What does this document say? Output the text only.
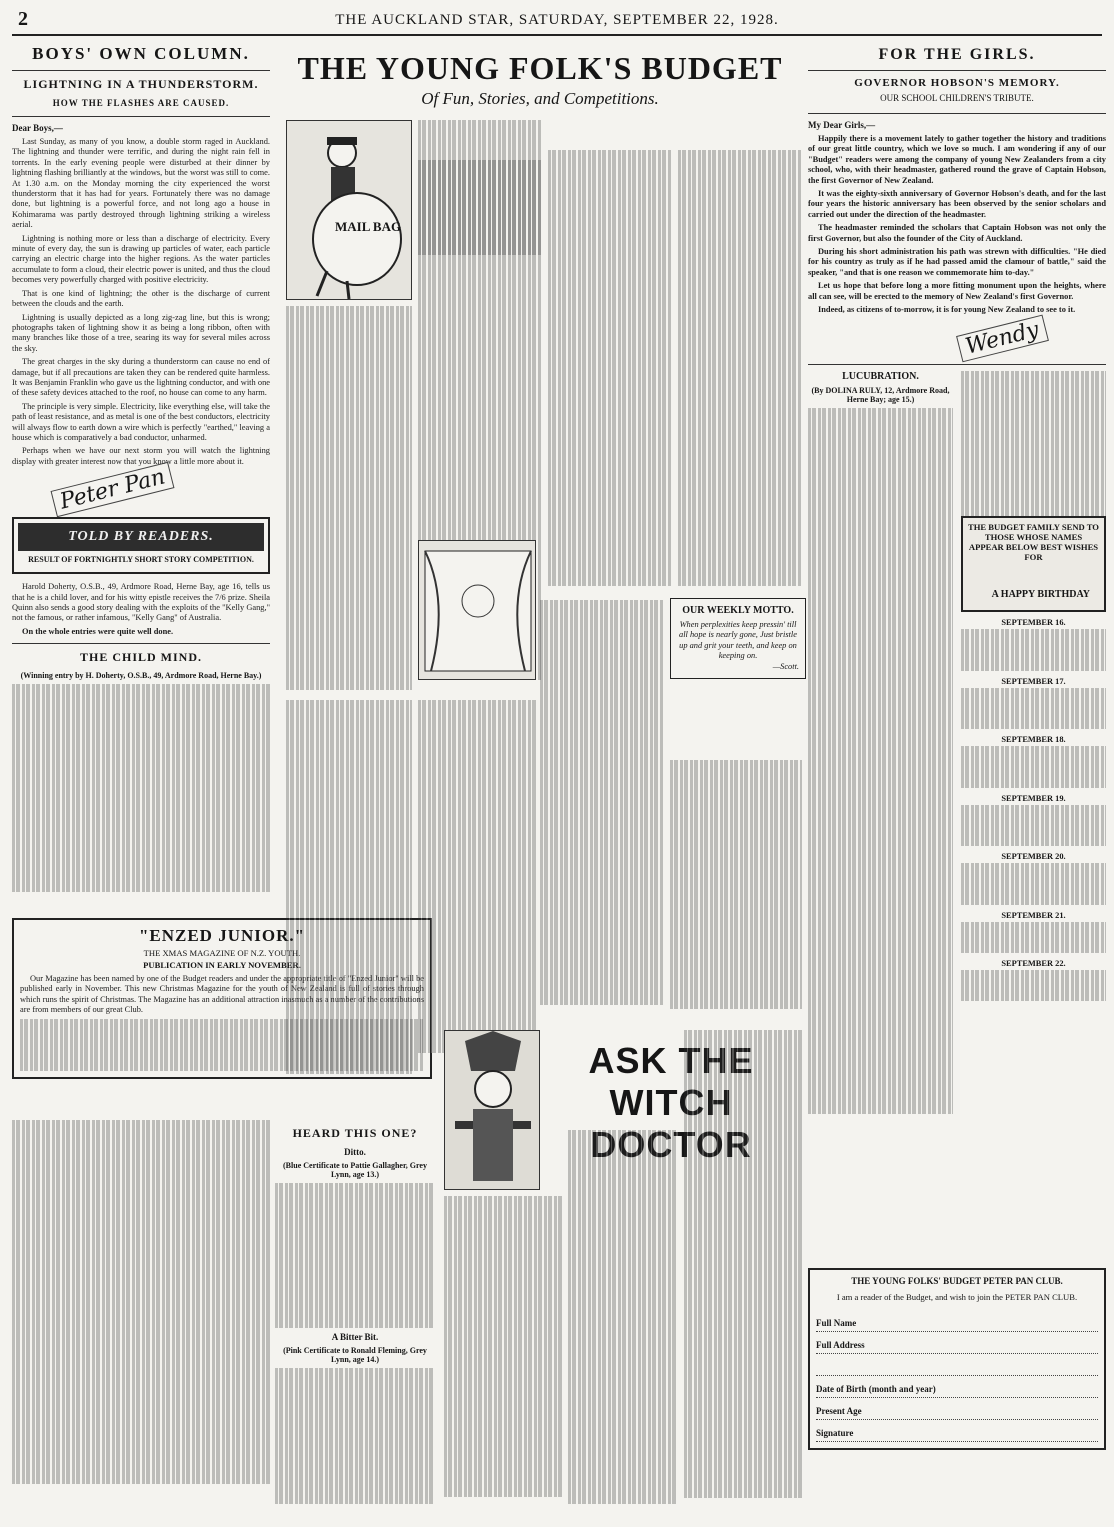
2	THE AUCKLAND STAR, SATURDAY, SEPTEMBER 22, 1928.
BOYS' OWN COLUMN.
LIGHTNING IN A THUNDERSTORM.
HOW THE FLASHES ARE CAUSED.
Dear Boys,—

Last Sunday, as many of you know, a double storm raged in Auckland. The lightning and thunder were terrific, and during the night rain fell in torrents. In the early evening people were disturbed at their dinner by lightning flashing brilliantly at the windows, but the worst was still to come. At 1.30 a.m. on the Monday morning the city experienced the worst thunderstorm that it has had for years. Fortunately there was no damage done, but lightning is a powerful force, and not long ago a house in Kohimarama was partly destroyed through lightning striking a wireless aerial.

Lightning is nothing more or less than a discharge of electricity. Every minute of every day, the sun is drawing up particles of water, each particle carrying an electric charge into the higher regions. As the water particles accumulate to form a cloud, their electric power is united, and thus the cloud becomes very powerfully charged with positive electricity.

That is one kind of lightning; the other is the discharge of current between the clouds and the earth.

Lightning is usually depicted as a long zig-zag line, but this is wrong; photographs taken of lightning show it as being a long ribbon, often with many branches like those of a tree, searing its way for several miles across the sky.

The great charges in the sky during a thunderstorm can cause no end of damage, but if all precautions are taken they can be rendered quite harmless. It was Benjamin Franklin who gave us the lightning conductor, and with one of these safety devices attached to the roof, no house can come to any harm.

The principle is very simple. Electricity, like everything else, will take the path of least resistance, and as metal is one of the best conductors, electricity will always flow to earth down a wire which is perfectly "earthed," leaving a house which is comparatively a bad conductor, unharmed.

Perhaps when we have our next storm you will watch the lightning display with greater interest now that you know a little more about it.

Peter Pan
TOLD BY READERS.
RESULT OF FORTNIGHTLY SHORT STORY COMPETITION.

Harold Doherty, O.S.B., 49, Ardmore Road, Herne Bay, age 16, tells us that he is a child lover, and for his witty epistle receives the 7/6 prize. Sheila Quinn also sends a good story dealing with the exploits of the "Kelly Gang," not the famous, or rather infamous, "Kelly Gang" of Australia.

On the whole entries were quite well done.

THE CHILD MIND.
(Winning entry by H. Doherty, O.S.B., 49, Ardmore Road, Herne Bay.)
"ENZED JUNIOR."
THE XMAS MAGAZINE OF N.Z. YOUTH.
PUBLICATION IN EARLY NOVEMBER.

Our Magazine has been named by one of the Budget readers and under the appropriate title of "Enzed Junior" will be published early in November. This new Christmas Magazine for the youth of New Zealand is full of stories through which runs the spirit of Christmas. The Magazine has an additional attraction inasmuch as a number of the contributions are from members of our great Club.

HEARD THIS ONE?
Ditto.
(Blue Certificate to Pattie Gallagher, Grey Lynn, age 13.)
A Bitter Bit.
(Pink Certificate to Ronald Fleming, Grey Lynn, age 14.)
THE YOUNG FOLK'S BUDGET
Of Fun, Stories, and Competitions.
MAIL BAG
OUR WEEKLY MOTTO.
When perplexities keep pressin' till all hope is nearly gone, Just bristle up and grit your teeth, and keep on keeping on.
—Scott.
ASK THE WITCH DOCTOR
FOR THE GIRLS.
GOVERNOR HOBSON'S MEMORY.
OUR SCHOOL CHILDREN'S TRIBUTE.
My Dear Girls,—

Happily there is a movement lately to gather together the history and traditions of our great little country, which we love so much. I am wondering if any of our "Budget" readers were among the company of young New Zealanders from a city school, who, with their headmaster, gathered round the grave of Captain Hobson, the first Governor of New Zealand.

It was the eighty-sixth anniversary of Governor Hobson's death, and for the last four years the historic anniversary has been observed by the senior scholars and carried out under the direction of the headmaster.

The headmaster reminded the scholars that Captain Hobson was not only the first Governor, but also the founder of the City of Auckland.

During his short administration his path was strewn with difficulties. "He died for his country as truly as if he had passed amid the clamour of battle," said the speaker, "and that is one reason we commemorate him to-day."

Let us hope that before long a more fitting monument upon the heights, where all can see, will be erected to the memory of New Zealand's first Governor.

Indeed, as citizens of to-morrow, it is for young New Zealand to see to it.

Wendy
LUCUBRATION.
(By DOLINA RULY, 12, Ardmore Road, Herne Bay; age 15.)
THE BUDGET FAMILY SEND TO THOSE WHOSE NAMES APPEAR BELOW BEST WISHES FOR
A HAPPY BIRTHDAY
SEPTEMBER 16.
SEPTEMBER 17.
SEPTEMBER 18.
SEPTEMBER 19.
SEPTEMBER 20.
SEPTEMBER 21.
SEPTEMBER 22.
THE YOUNG FOLKS' BUDGET PETER PAN CLUB.
I am a reader of the Budget, and wish to join the PETER PAN CLUB.
Full Name
Full Address
Date of Birth (month and year)
Present Age
Signature
